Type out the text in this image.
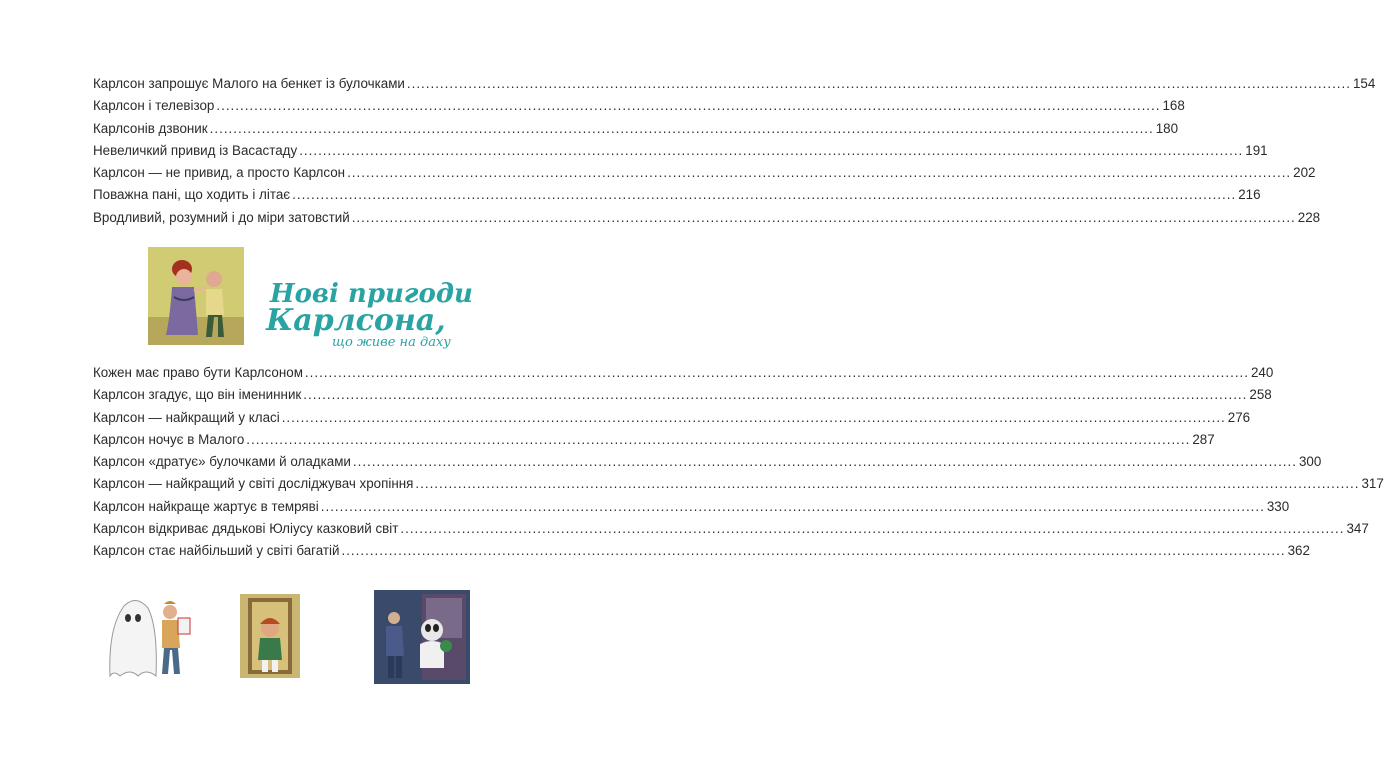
Карлсон запрошує Малого на бенкет із булочками ........................................................................................................................................................................................................ 154
Карлсон і телевізор ........................................................................................................................................................................................................ 168
Карлсонів дзвоник ........................................................................................................................................................................................................ 180
Невеличкий привид із Васастаду ........................................................................................................................................................................................................ 191
Карлсон — не привид, а просто Карлсон ........................................................................................................................................................................................................ 202
Поважна пані, що ходить і літає ........................................................................................................................................................................................................ 216
Вродливий, розумний і до міри затовстий ........................................................................................................................................................................................................ 228
Нові пригоди
Карлсона,
що живе на даху
Кожен має право бути Карлсоном ........................................................................................................................................................................................................ 240
Карлсон згадує, що він іменинник ........................................................................................................................................................................................................ 258
Карлсон — найкращий у класі ........................................................................................................................................................................................................ 276
Карлсон ночує в Малого ........................................................................................................................................................................................................ 287
Карлсон «дратує» булочками й оладками ........................................................................................................................................................................................................ 300
Карлсон — найкращий у світі досліджувач хропіння ........................................................................................................................................................................................................ 317
Карлсон найкраще жартує в темряві ........................................................................................................................................................................................................ 330
Карлсон відкриває дядькові Юліусу казковий світ ........................................................................................................................................................................................................ 347
Карлсон стає найбільший у світі багатій ........................................................................................................................................................................................................ 362
